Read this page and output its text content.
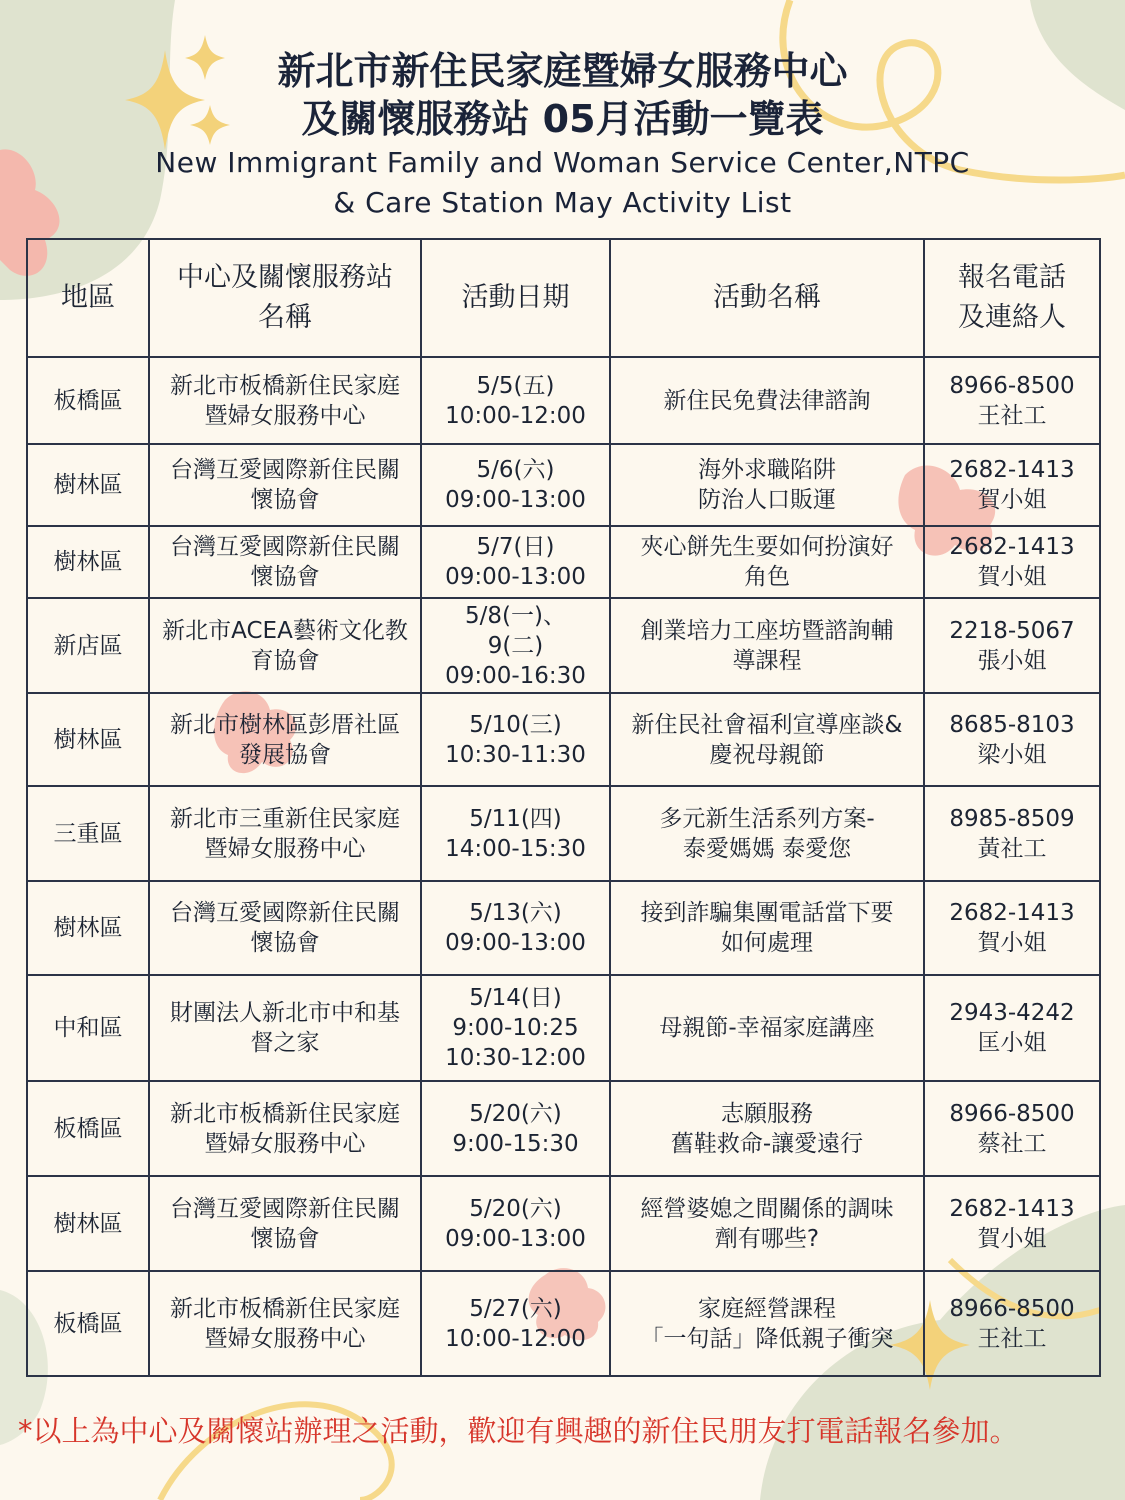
新北市新住民家庭暨婦女服務中心
及關懷服務站 05月活動一覽表
New Immigrant Family and Woman Service Center,NTPC
& Care Station May Activity List
地區	中心及關懷服務站
名稱	活動日期	活動名稱	報名電話
及連絡人

板橋區	新北市板橋新住民家庭
暨婦女服務中心	5/5(五)
10:00-12:00	新住民免費法律諮詢	8966-8500
王社工

樹林區	台灣互愛國際新住民關
懷協會	5/6(六)
09:00-13:00	海外求職陷阱
防治人口販運	2682-1413
賀小姐

樹林區	台灣互愛國際新住民關
懷協會	5/7(日)
09:00-13:00	夾心餅先生要如何扮演好
角色	2682-1413
賀小姐

新店區	新北市ACEA藝術文化教
育協會	5/8(一)、
9(二)
09:00-16:30	創業培力工座坊暨諮詢輔
導課程	2218-5067
張小姐

樹林區	新北市樹林區彭厝社區
發展協會	5/10(三)
10:30-11:30	新住民社會福利宣導座談&
慶祝母親節	8685-8103
梁小姐

三重區	新北市三重新住民家庭
暨婦女服務中心	5/11(四)
14:00-15:30	多元新生活系列方案-
泰愛媽媽 泰愛您	8985-8509
黃社工

樹林區	台灣互愛國際新住民關
懷協會	5/13(六)
09:00-13:00	接到詐騙集團電話當下要
如何處理	2682-1413
賀小姐

中和區	財團法人新北市中和基
督之家	5/14(日)
9:00-10:25
10:30-12:00	母親節-幸福家庭講座	2943-4242
匡小姐

板橋區	新北市板橋新住民家庭
暨婦女服務中心	5/20(六)
9:00-15:30	志願服務
舊鞋救命-讓愛遠行	8966-8500
蔡社工

樹林區	台灣互愛國際新住民關
懷協會	5/20(六)
09:00-13:00	經營婆媳之間關係的調味
劑有哪些?	2682-1413
賀小姐

板橋區	新北市板橋新住民家庭
暨婦女服務中心	5/27(六)
10:00-12:00	家庭經營課程
「一句話」降低親子衝突	8966-8500
王社工
*以上為中心及關懷站辦理之活動，歡迎有興趣的新住民朋友打電話報名參加。
